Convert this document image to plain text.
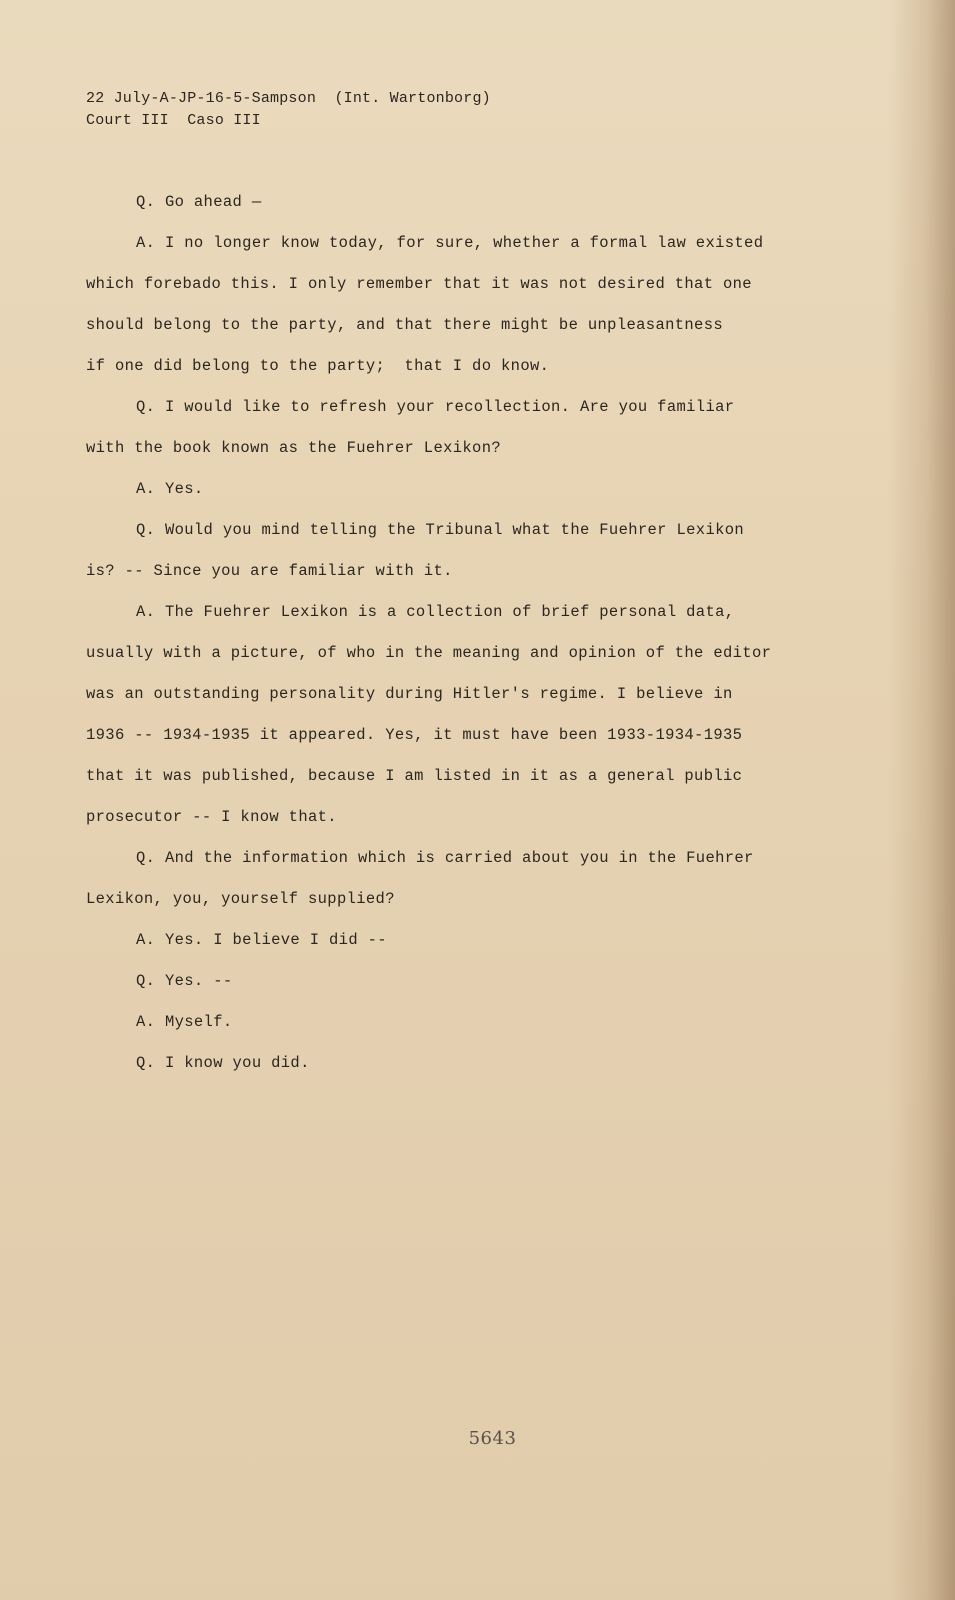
22 July-A-JP-16-5-Sampson  (Int. Wartonborg)
Court III  Caso III
Q. Go ahead —
A. I no longer know today, for sure, whether a formal law existed
which forebado this. I only remember that it was not desired that one
should belong to the party, and that there might be unpleasantness
if one did belong to the party;  that I do know.
Q. I would like to refresh your recollection. Are you familiar
with the book known as the Fuehrer Lexikon?
A. Yes.
Q. Would you mind telling the Tribunal what the Fuehrer Lexikon
is? -- Since you are familiar with it.
A. The Fuehrer Lexikon is a collection of brief personal data,
usually with a picture, of who in the meaning and opinion of the editor
was an outstanding personality during Hitler's regime. I believe in
1936 -- 1934-1935 it appeared. Yes, it must have been 1933-1934-1935
that it was published, because I am listed in it as a general public
prosecutor -- I know that.
Q. And the information which is carried about you in the Fuehrer
Lexikon, you, yourself supplied?
A. Yes. I believe I did --
Q. Yes. --
A. Myself.
Q. I know you did.
5643
